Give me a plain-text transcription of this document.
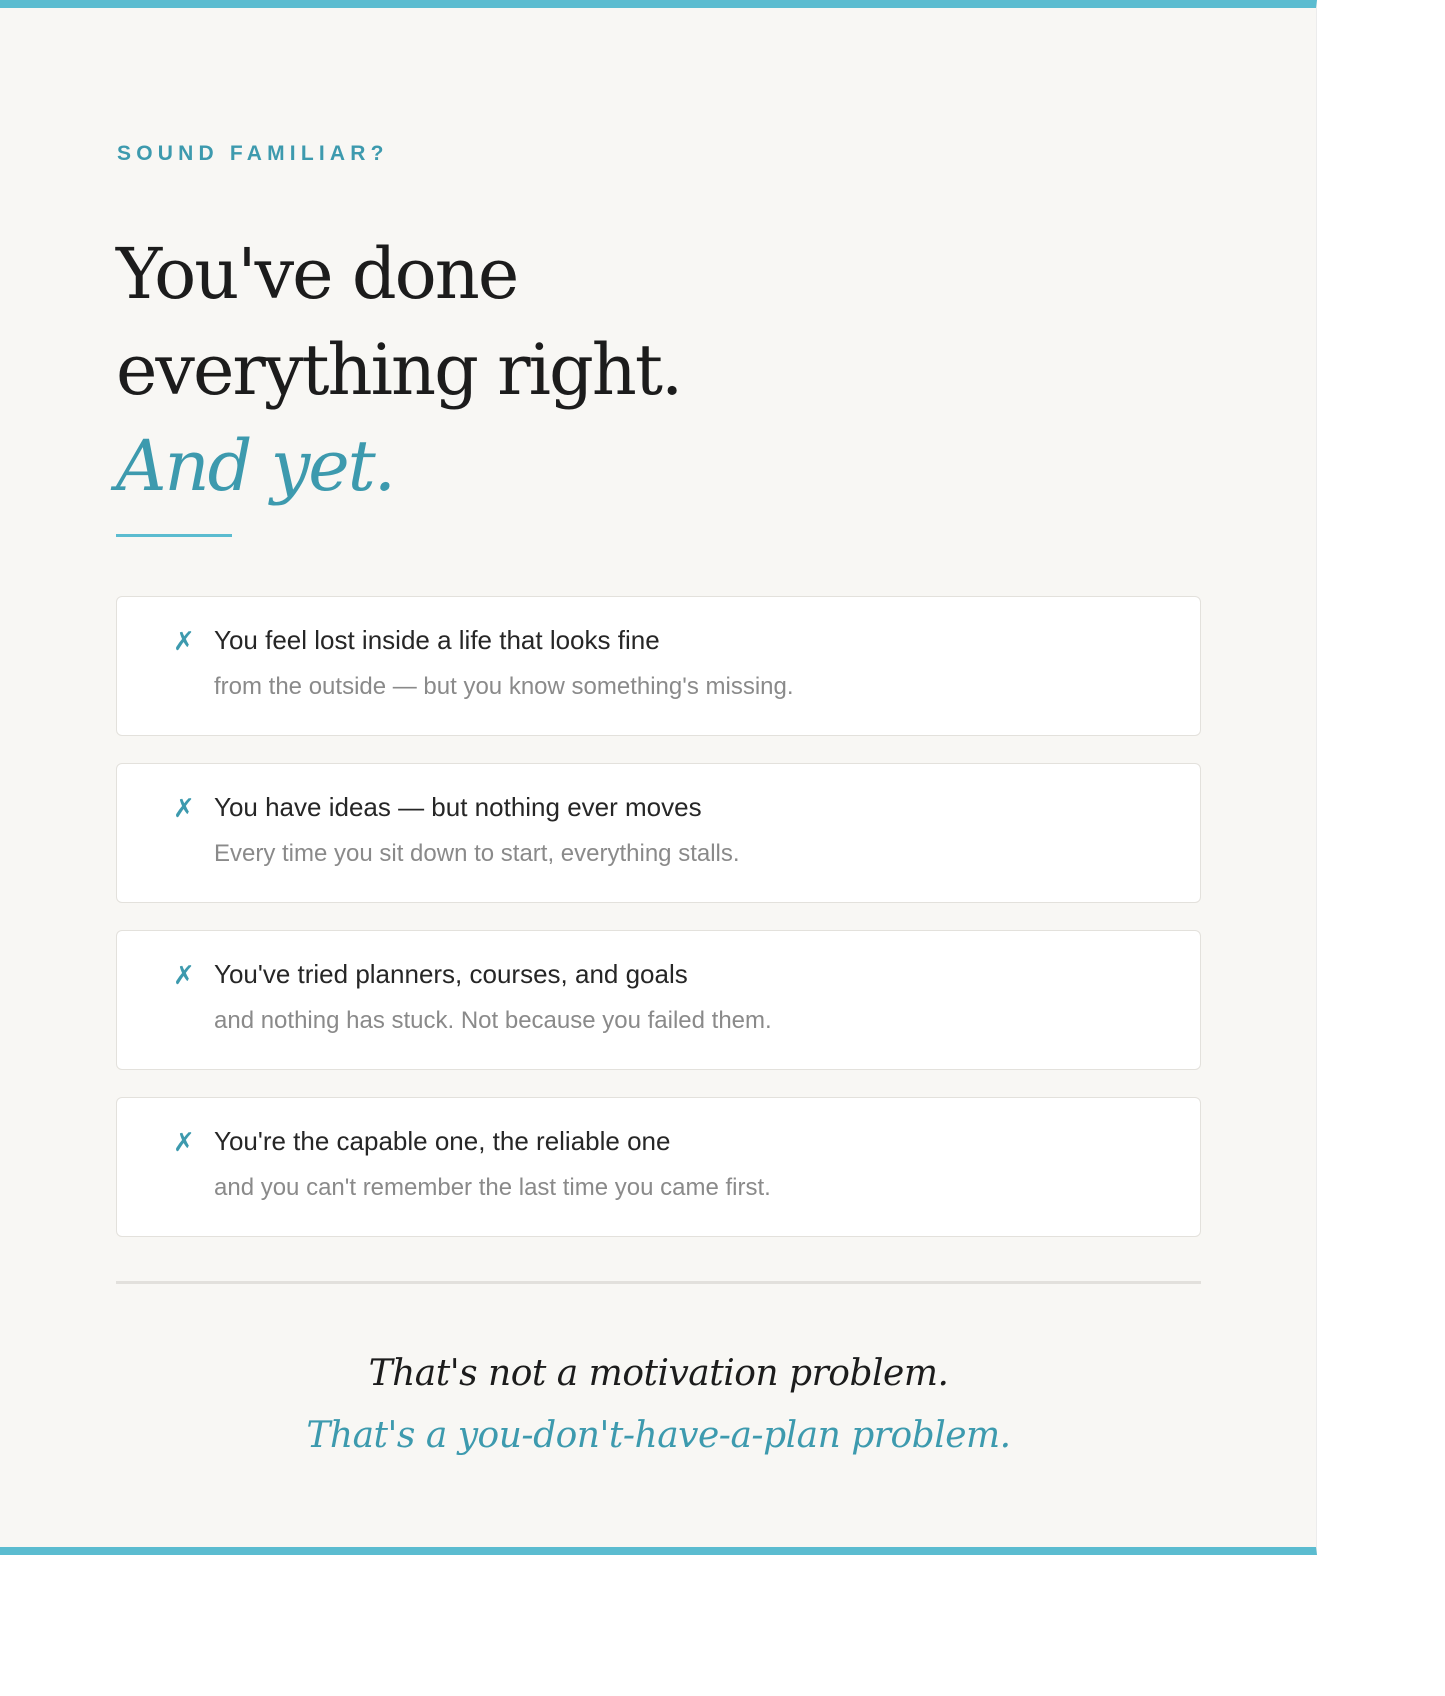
SOUND FAMILIAR?
You've done
everything right.
And yet.
✗ You feel lost inside a life that looks fine
from the outside — but you know something's missing.
✗ You have ideas — but nothing ever moves
Every time you sit down to start, everything stalls.
✗ You've tried planners, courses, and goals
and nothing has stuck. Not because you failed them.
✗ You're the capable one, the reliable one
and you can't remember the last time you came first.
That's not a motivation problem.
That's a you-don't-have-a-plan problem.
